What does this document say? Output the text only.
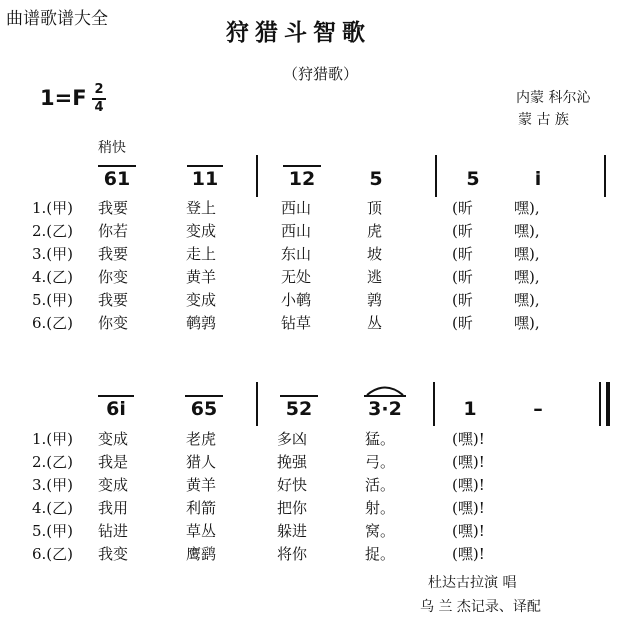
曲谱歌谱大全	狩猎斗智歌
（狩猎歌）
1=F 2
4
内蒙 科尔沁
蒙 古 族
稍快
61	11	12	5	5	i
1.(甲) 我要	登上	西山	顶	(昕	嘿),
2.(乙) 你若	变成	西山	虎	(昕	嘿),
3.(甲) 我要	走上	东山	坡	(昕	嘿),
4.(乙) 你变	黄羊	无处	逃	(昕	嘿),
5.(甲) 我要	变成	小鹌	鹑	(昕	嘿),
6.(乙) 你变	鹌鹑	钻草	丛	(昕	嘿),
6i	65	52	3·2	1	–
1.(甲) 变成	老虎	多凶	猛。	(嘿)!
2.(乙) 我是	猎人	挽强	弓。	(嘿)!
3.(甲) 变成	黄羊	好快	活。	(嘿)!
4.(乙) 我用	利箭	把你	射。	(嘿)!
5.(甲) 钻进	草丛	躲进	窝。	(嘿)!
6.(乙) 我变	鹰鹞	将你	捉。	(嘿)!
杜达古拉演 唱
乌 兰 杰记录、译配
